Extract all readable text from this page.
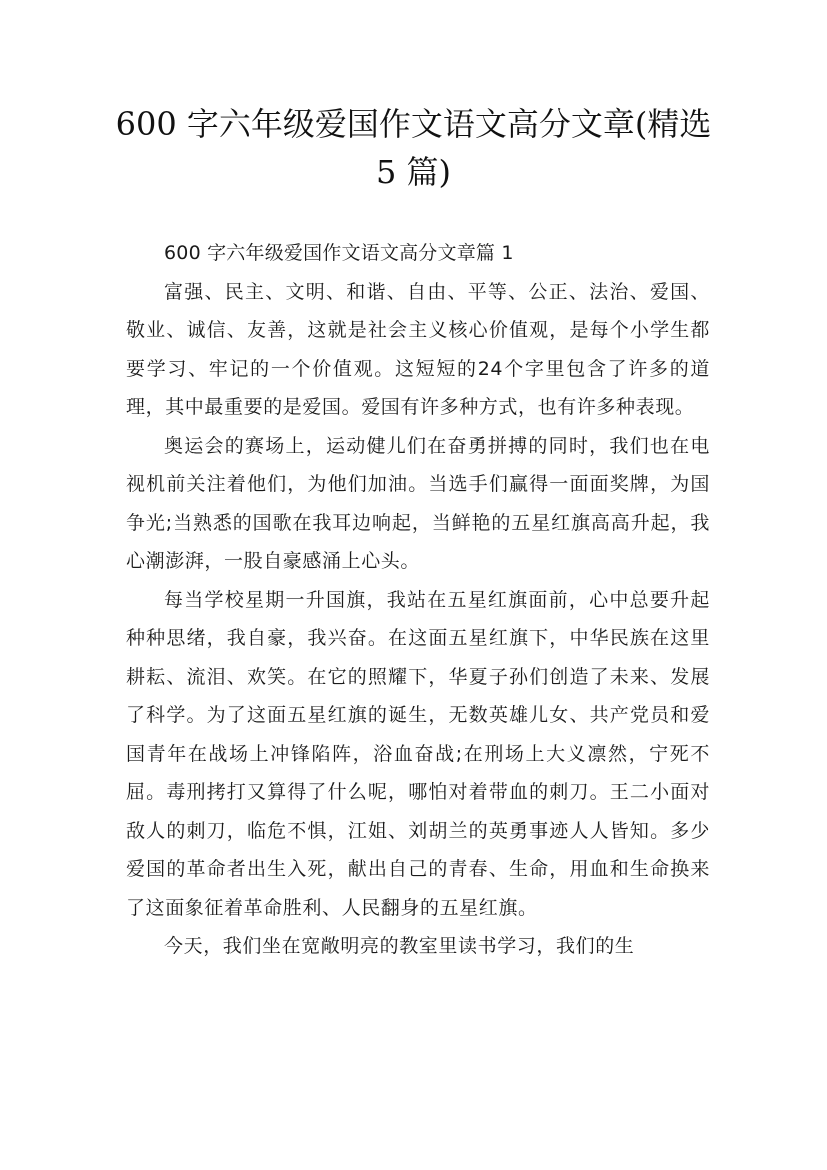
600 字六年级爱国作文语文高分文章(精选
5 篇)

600 字六年级爱国作文语文高分文章篇 1

富强、民主、文明、和谐、自由、平等、公正、法治、爱国、敬业、诚信、友善，这就是社会主义核心价值观，是每个小学生都要学习、牢记的一个价值观。这短短的24个字里包含了许多的道理，其中最重要的是爱国。爱国有许多种方式，也有许多种表现。

奥运会的赛场上，运动健儿们在奋勇拼搏的同时，我们也在电视机前关注着他们，为他们加油。当选手们赢得一面面奖牌，为国争光;当熟悉的国歌在我耳边响起，当鲜艳的五星红旗高高升起，我心潮澎湃，一股自豪感涌上心头。

每当学校星期一升国旗，我站在五星红旗面前，心中总要升起种种思绪，我自豪，我兴奋。在这面五星红旗下，中华民族在这里耕耘、流泪、欢笑。在它的照耀下，华夏子孙们创造了未来、发展了科学。为了这面五星红旗的诞生，无数英雄儿女、共产党员和爱国青年在战场上冲锋陷阵，浴血奋战;在刑场上大义凛然，宁死不屈。毒刑拷打又算得了什么呢，哪怕对着带血的刺刀。王二小面对敌人的刺刀，临危不惧，江姐、刘胡兰的英勇事迹人人皆知。多少爱国的革命者出生入死，献出自己的青春、生命，用血和生命换来了这面象征着革命胜利、人民翻身的五星红旗。

今天，我们坐在宽敞明亮的教室里读书学习，我们的生
